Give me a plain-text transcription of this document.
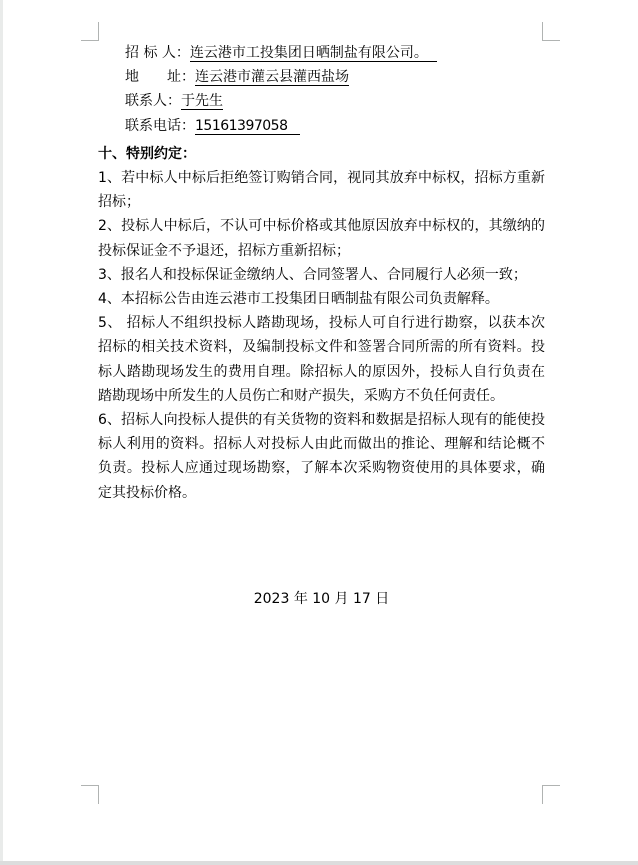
招 标 人：连云港市工投集团日晒制盐有限公司。
地　　址：连云港市灌云县灌西盐场
联系人：于先生
联系电话：15161397058
十、特别约定：

1、若中标人中标后拒绝签订购销合同，视同其放弃中标权，招标方重新招标；

2、投标人中标后，不认可中标价格或其他原因放弃中标权的，其缴纳的投标保证金不予退还，招标方重新招标；

3、报名人和投标保证金缴纳人、合同签署人、合同履行人必须一致；

4、本招标公告由连云港市工投集团日晒制盐有限公司负责解释。

5、 招标人不组织投标人踏勘现场，投标人可自行进行勘察，以获本次招标的相关技术资料，及编制投标文件和签署合同所需的所有资料。投标人踏勘现场发生的费用自理。除招标人的原因外，投标人自行负责在踏勘现场中所发生的人员伤亡和财产损失，采购方不负任何责任。

6、招标人向投标人提供的有关货物的资料和数据是招标人现有的能使投标人利用的资料。招标人对投标人由此而做出的推论、理解和结论概不负责。投标人应通过现场勘察，了解本次采购物资使用的具体要求，确定其投标价格。

2023 年 10 月 17 日
